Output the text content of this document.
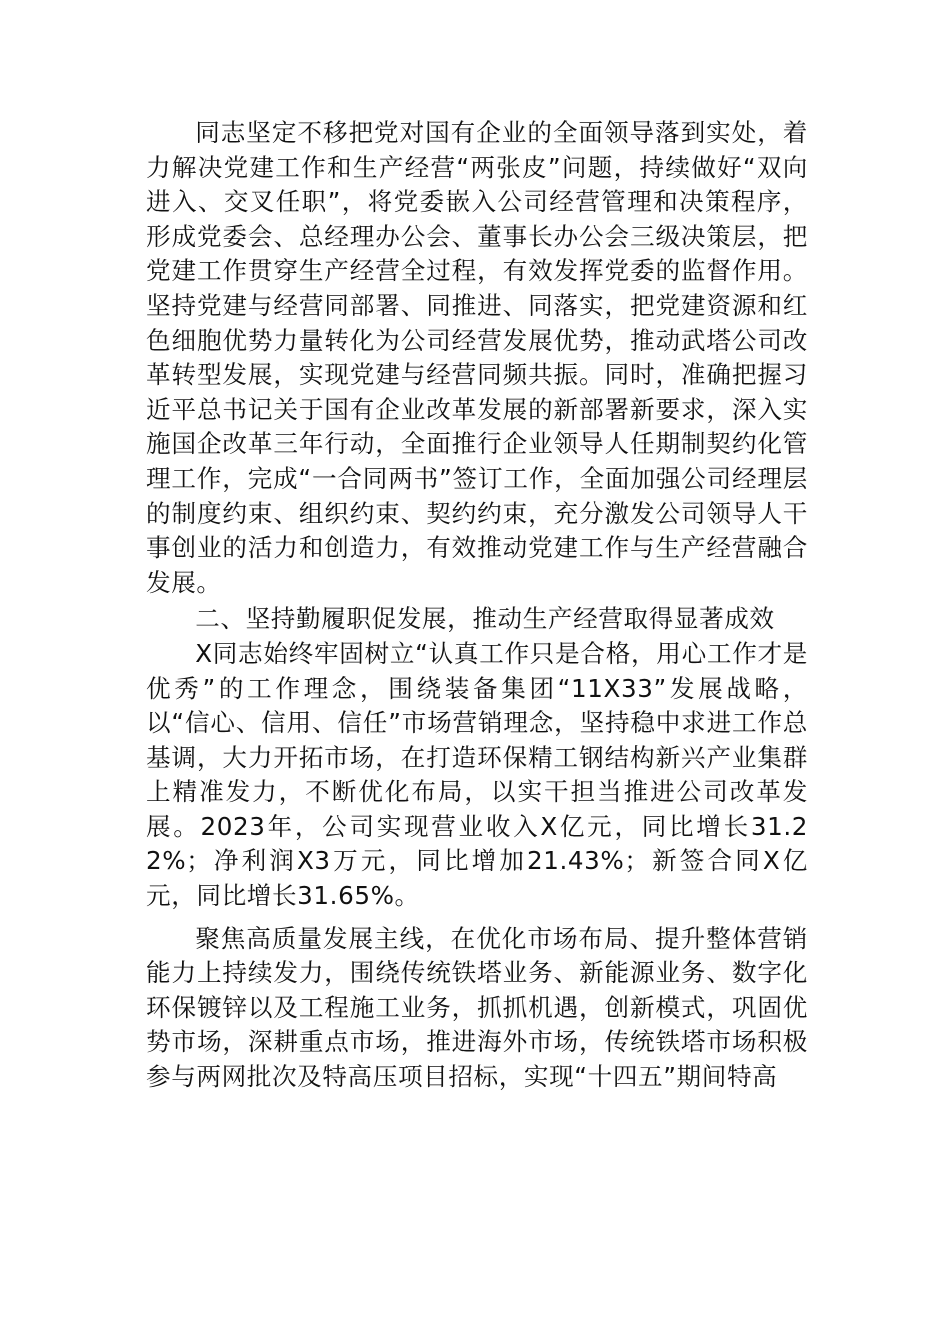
同志坚定不移把党对国有企业的全面领导落到实处，着力解决党建工作和生产经营“两张皮”问题，持续做好“双向进入、交叉任职”，将党委嵌入公司经营管理和决策程序，形成党委会、总经理办公会、董事长办公会三级决策层，把党建工作贯穿生产经营全过程，有效发挥党委的监督作用。坚持党建与经营同部署、同推进、同落实，把党建资源和红色细胞优势力量转化为公司经营发展优势，推动武塔公司改革转型发展，实现党建与经营同频共振。同时，准确把握习近平总书记关于国有企业改革发展的新部署新要求，深入实施国企改革三年行动，全面推行企业领导人任期制契约化管理工作，完成“一合同两书”签订工作，全面加强公司经理层的制度约束、组织约束、契约约束，充分激发公司领导人干事创业的活力和创造力，有效推动党建工作与生产经营融合发展。

二、坚持勤履职促发展，推动生产经营取得显著成效

X同志始终牢固树立“认真工作只是合格，用心工作才是优秀”的工作理念，围绕装备集团“11X33”发展战略，以“信心、信用、信任”市场营销理念，坚持稳中求进工作总基调，大力开拓市场，在打造环保精工钢结构新兴产业集群上精准发力，不断优化布局，以实干担当推进公司改革发展。2023年，公司实现营业收入X亿元，同比增长31.22%；净利润X3万元，同比增加21.43%；新签合同X亿元，同比增长31.65%。

聚焦高质量发展主线，在优化市场布局、提升整体营销能力上持续发力，围绕传统铁塔业务、新能源业务、数字化环保镀锌以及工程施工业务，抓抓机遇，创新模式，巩固优势市场，深耕重点市场，推进海外市场，传统铁塔市场积极参与两网批次及特高压项目招标，实现“十四五”期间特高
